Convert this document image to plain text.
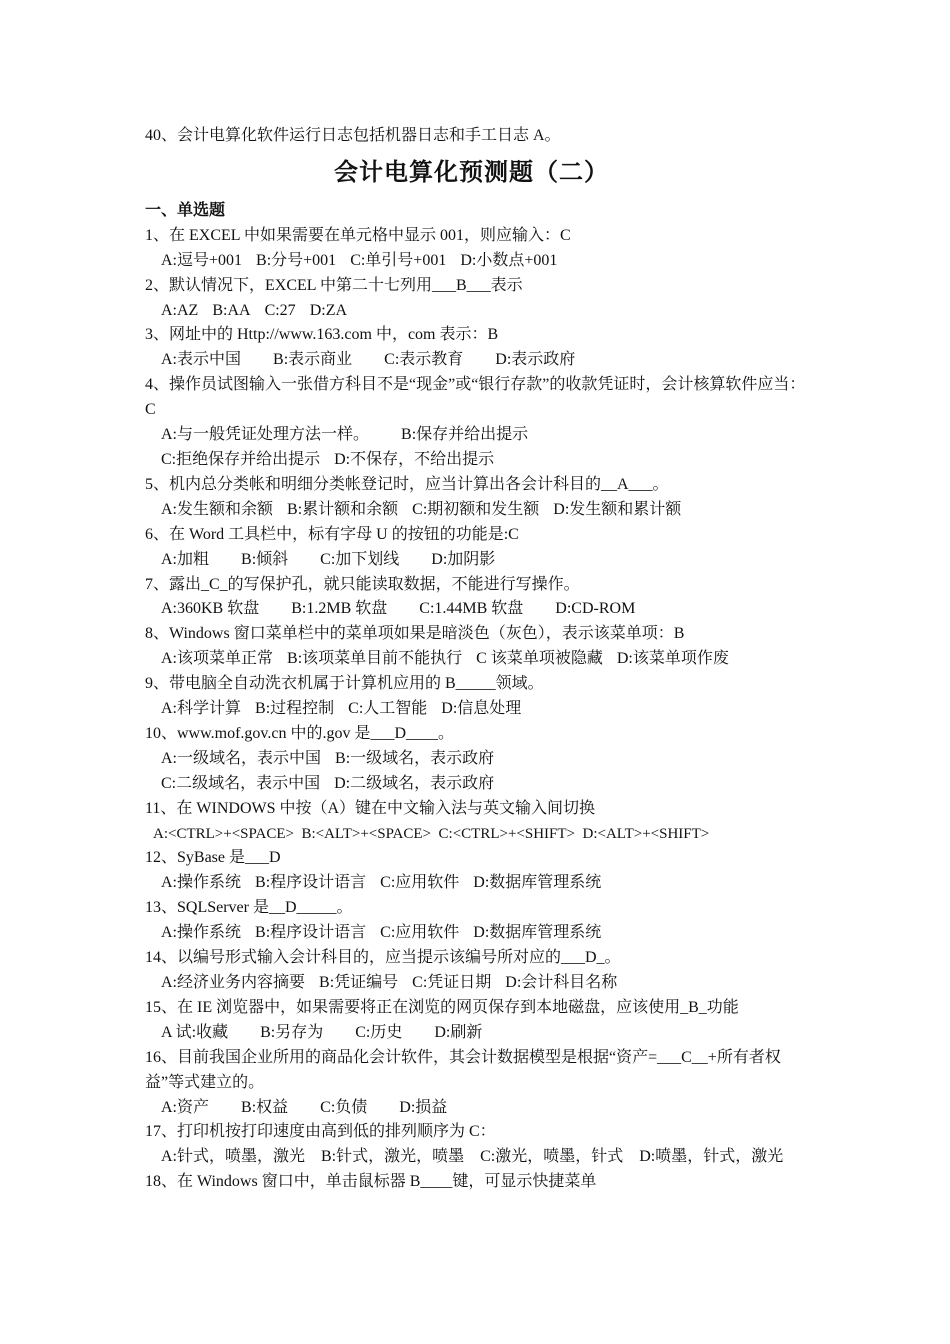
40、会计电算化软件运行日志包括机器日志和手工日志 A。
会计电算化预测题（二）
一、单选题
1、在 EXCEL 中如果需要在单元格中显示 001，则应输入：C
A:逗号+001 B:分号+001 C:单引号+001 D:小数点+001
2、默认情况下，EXCEL 中第二十七列用___B___表示
A:AZ B:AA C:27 D:ZA
3、网址中的 Http://www.163.com 中，com 表示：B
A:表示中国 B:表示商业 C:表示教育 D:表示政府
4、操作员试图输入一张借方科目不是“现金”或“银行存款”的收款凭证时，会计核算软件应当：C
A:与一般凭证处理方法一样。 B:保存并给出提示
C:拒绝保存并给出提示 D:不保存，不给出提示
5、机内总分类帐和明细分类帐登记时，应当计算出各会计科目的__A___。
A:发生额和余额 B:累计额和余额 C:期初额和发生额 D:发生额和累计额
6、在 Word 工具栏中，标有字母 U 的按钮的功能是:C
A:加粗 B:倾斜 C:加下划线 D:加阴影
7、露出_C_的写保护孔，就只能读取数据，不能进行写操作。
A:360KB 软盘 B:1.2MB 软盘 C:1.44MB 软盘 D:CD-ROM
8、Windows 窗口菜单栏中的菜单项如果是暗淡色（灰色），表示该菜单项：B
A:该项菜单正常 B:该项菜单目前不能执行 C 该菜单项被隐藏 D:该菜单项作废
9、带电脑全自动洗衣机属于计算机应用的 B_____领域。
A:科学计算 B:过程控制 C:人工智能 D:信息处理
10、www.mof.gov.cn 中的.gov 是___D____。
A:一级域名，表示中国 B:一级域名，表示政府
C:二级域名，表示中国 D:二级域名，表示政府
11、在 WINDOWS 中按（A）键在中文输入法与英文输入间切换
A:<CTRL>+<SPACE> B:<ALT>+<SPACE> C:<CTRL>+<SHIFT> D:<ALT>+<SHIFT>
12、SyBase 是___D
A:操作系统 B:程序设计语言 C:应用软件 D:数据库管理系统
13、SQLServer 是__D_____。
A:操作系统 B:程序设计语言 C:应用软件 D:数据库管理系统
14、以编号形式输入会计科目的，应当提示该编号所对应的___D_。
A:经济业务内容摘要 B:凭证编号 C:凭证日期 D:会计科目名称
15、在 IE 浏览器中，如果需要将正在浏览的网页保存到本地磁盘，应该使用_B_功能
A 试:收藏 B:另存为 C:历史 D:刷新
16、目前我国企业所用的商品化会计软件，其会计数据模型是根据“资产=___C__+所有者权益”等式建立的。
A:资产 B:权益 C:负债 D:损益
17、打印机按打印速度由高到低的排列顺序为 C：
A:针式，喷墨，激光　B:针式，激光，喷墨　C:激光，喷墨，针式　D:喷墨，针式，激光
18、在 Windows 窗口中，单击鼠标器 B____键，可显示快捷菜单
